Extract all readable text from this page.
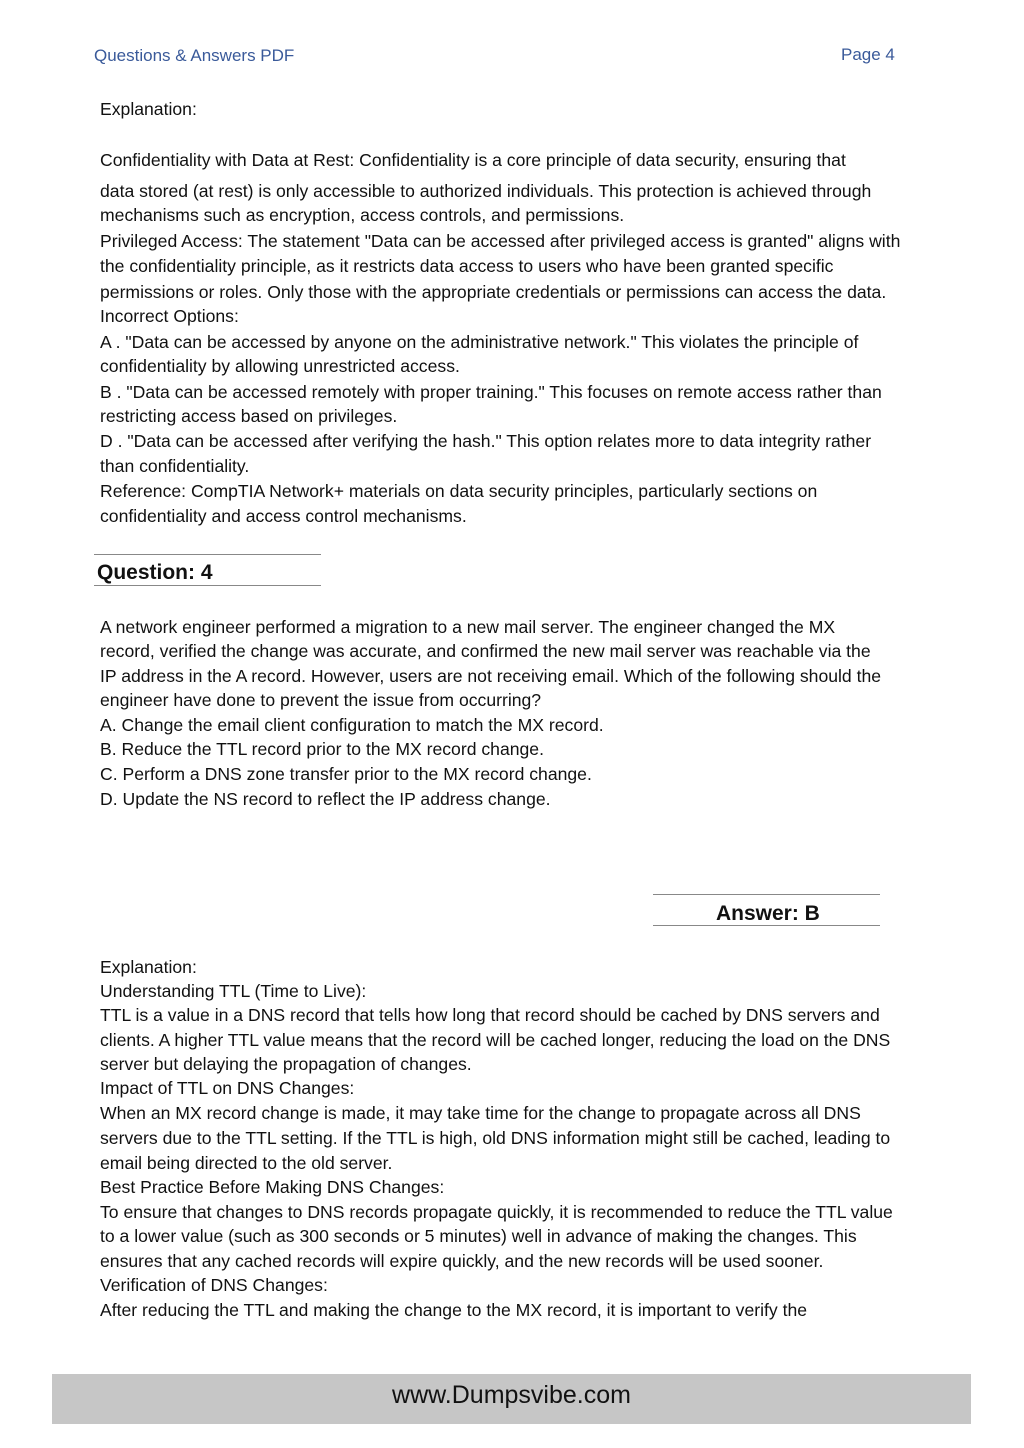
Questions & Answers PDF	Page 4
Explanation:
Confidentiality with Data at Rest: Confidentiality is a core principle of data security, ensuring that
data stored (at rest) is only accessible to authorized individuals. This protection is achieved through
mechanisms such as encryption, access controls, and permissions.
Privileged Access: The statement "Data can be accessed after privileged access is granted" aligns with
the confidentiality principle, as it restricts data access to users who have been granted specific
permissions or roles. Only those with the appropriate credentials or permissions can access the data.
Incorrect Options:
A . "Data can be accessed by anyone on the administrative network." This violates the principle of
confidentiality by allowing unrestricted access.
B . "Data can be accessed remotely with proper training." This focuses on remote access rather than
restricting access based on privileges.
D . "Data can be accessed after verifying the hash." This option relates more to data integrity rather
than confidentiality.
Reference: CompTIA Network+ materials on data security principles, particularly sections on
confidentiality and access control mechanisms.
Question: 4
A network engineer performed a migration to a new mail server. The engineer changed the MX
record, verified the change was accurate, and confirmed the new mail server was reachable via the
IP address in the A record. However, users are not receiving email. Which of the following should the
engineer have done to prevent the issue from occurring?
A. Change the email client configuration to match the MX record.
B. Reduce the TTL record prior to the MX record change.
C. Perform a DNS zone transfer prior to the MX record change.
D. Update the NS record to reflect the IP address change.
Answer: B
Explanation:
Understanding TTL (Time to Live):
TTL is a value in a DNS record that tells how long that record should be cached by DNS servers and
clients. A higher TTL value means that the record will be cached longer, reducing the load on the DNS
server but delaying the propagation of changes.
Impact of TTL on DNS Changes:
When an MX record change is made, it may take time for the change to propagate across all DNS
servers due to the TTL setting. If the TTL is high, old DNS information might still be cached, leading to
email being directed to the old server.
Best Practice Before Making DNS Changes:
To ensure that changes to DNS records propagate quickly, it is recommended to reduce the TTL value
to a lower value (such as 300 seconds or 5 minutes) well in advance of making the changes. This
ensures that any cached records will expire quickly, and the new records will be used sooner.
Verification of DNS Changes:
After reducing the TTL and making the change to the MX record, it is important to verify the
www.Dumpsvibe.com
